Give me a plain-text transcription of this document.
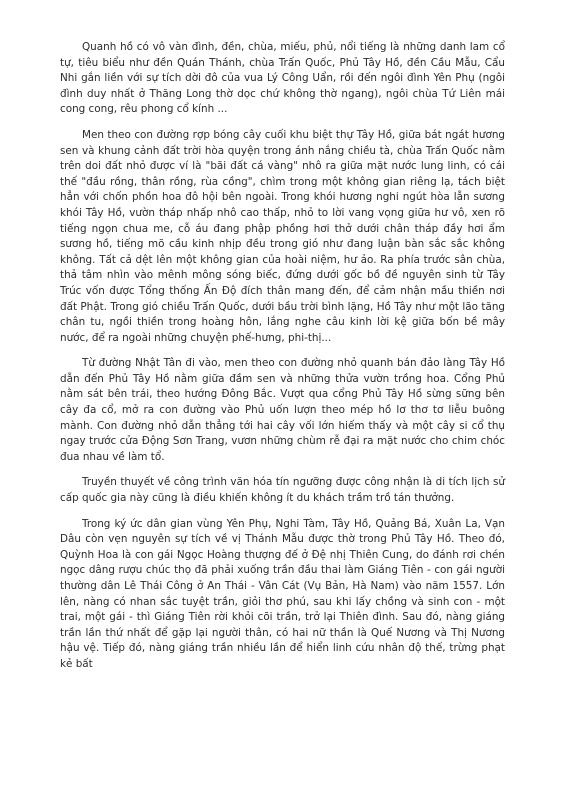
Quanh hồ có vô vàn đình, đền, chùa, miếu, phủ, nổi tiếng là những danh lam cổ tự, tiêu biểu như đền Quán Thánh, chùa Trấn Quốc, Phủ Tây Hồ, đền Cầu Mẫu, Cẩu Nhi gắn liền với sự tích dời đô của vua Lý Công Uẩn, rồi đến ngôi đình Yên Phụ (ngôi đình duy nhất ở Thăng Long thờ dọc chứ không thờ ngang), ngôi chùa Tứ Liên mái cong cong, rêu phong cổ kính ...

Men theo con đường rợp bóng cây cuối khu biệt thự Tây Hồ, giữa bát ngát hương sen và khung cảnh đất trời hòa quyện trong ánh nắng chiều tà, chùa Trấn Quốc nằm trên doi đất nhỏ được ví là "bãi đất cá vàng" nhô ra giữa mặt nước lung linh, có cái thế "đầu rồng, thân rồng, rùa cồng", chìm trong một không gian riêng lạ, tách biệt hẳn với chốn phồn hoa đô hội bên ngoài. Trong khói hương nghi ngút hòa lẫn sương khói Tây Hồ, vườn tháp nhấp nhô cao thấp, nhỏ to lời vang vọng giữa hư vô, xen rõ tiếng ngọn chua me, cỗ áu đang phập phồng hơi thở dưới chân tháp đầy hơi ẩm sương hồ, tiếng mõ cầu kinh nhịp đều trong gió như đang luận bàn sắc sắc không không. Tất cả dệt lên một không gian của hoài niệm, hư ảo. Ra phía trước sân chùa, thả tâm nhìn vào mênh mông sóng biếc, đứng dưới gốc bồ đề nguyên sinh từ Tây Trúc vốn được Tổng thống Ấn Độ đích thân mang đến, để cảm nhận mầu thiền nơi đất Phật. Trong gió chiều Trấn Quốc, dưới bầu trời bình lặng, Hồ Tây như một lão tăng chân tu, ngồi thiền trong hoàng hôn, lắng nghe câu kinh lời kệ giữa bốn bề mây nước, để ra ngoài những chuyện phế-hưng, phi-thị...

Từ đường Nhật Tân đi vào, men theo con đường nhỏ quanh bán đảo làng Tây Hồ dẫn đến Phủ Tây Hồ nằm giữa đầm sen và những thửa vườn trồng hoa. Cổng Phủ nằm sát bên trái, theo hướng Đông Bắc. Vượt qua cổng Phủ Tây Hồ sừng sững bên cây đa cổ, mở ra con đường vào Phủ uốn lượn theo mép hồ lơ thơ tơ liễu buông mành. Con đường nhỏ dẫn thẳng tới hai cây vối lớn hiếm thấy và một cây si cổ thụ ngay trước cửa Động Sơn Trang, vươn những chùm rễ đại ra mặt nước cho chim chóc đua nhau về làm tổ.

Truyền thuyết về công trình văn hóa tín ngưỡng được công nhận là di tích lịch sử cấp quốc gia này cũng là điều khiến không ít du khách trầm trồ tán thưởng.

Trong ký ức dân gian vùng Yên Phụ, Nghi Tàm, Tây Hồ, Quảng Bá, Xuân La, Vạn Dâu còn vẹn nguyên sự tích về vị Thánh Mẫu được thờ trong Phủ Tây Hồ. Theo đó, Quỳnh Hoa là con gái Ngọc Hoàng thượng đế ở Đệ nhị Thiên Cung, do đánh rơi chén ngọc dâng rượu chúc thọ đã phải xuống trần đầu thai làm Giáng Tiên - con gái người thường dân Lê Thái Công ở An Thái - Vân Cát (Vụ Bản, Hà Nam) vào năm 1557. Lớn lên, nàng có nhan sắc tuyệt trần, giỏi thơ phú, sau khi lấy chồng và sinh con - một trai, một gái - thì Giáng Tiên rời khỏi cõi trần, trở lại Thiên đình. Sau đó, nàng giáng trần lần thứ nhất để gặp lại người thân, có hai nữ thần là Quế Nương và Thị Nương hậu vệ. Tiếp đó, nàng giáng trần nhiều lần để hiển linh cứu nhân độ thế, trừng phạt kẻ bất
